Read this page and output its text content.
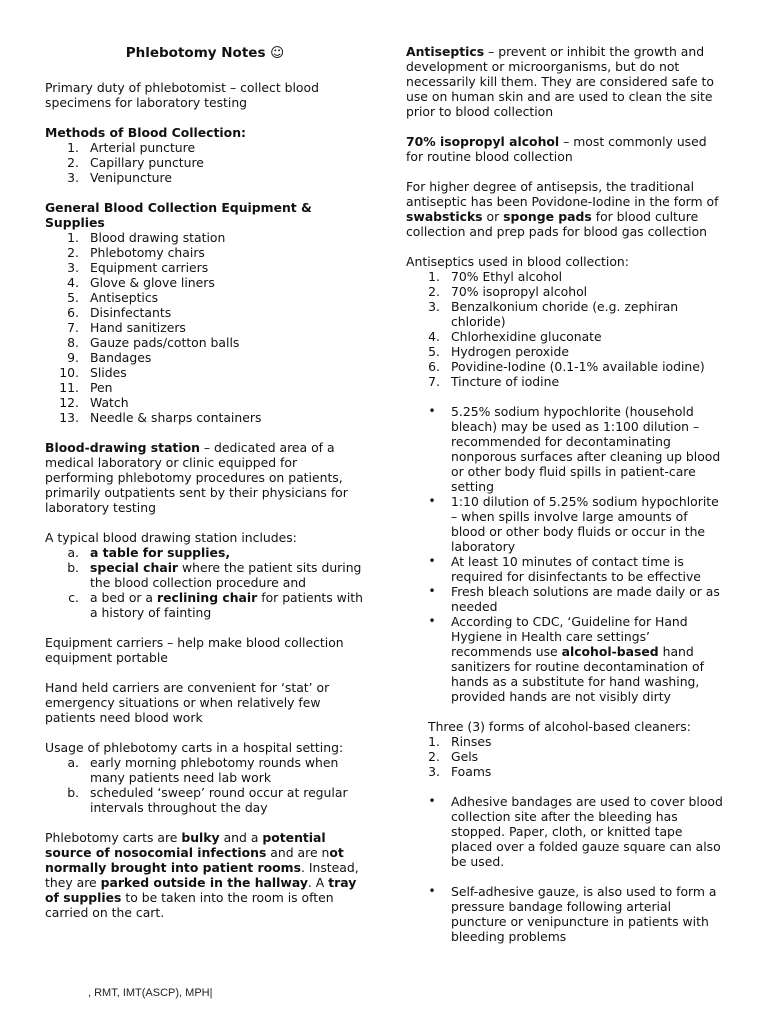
Phlebotomy Notes ☺

Primary duty of phlebotomist – collect blood specimens for laboratory testing

Methods of Blood Collection:

1. Arterial puncture
2. Capillary puncture
3. Venipuncture

General Blood Collection Equipment & Supplies

1. Blood drawing station
2. Phlebotomy chairs
3. Equipment carriers
4. Glove & glove liners
5. Antiseptics
6. Disinfectants
7. Hand sanitizers
8. Gauze pads/cotton balls
9. Bandages
10. Slides
11. Pen
12. Watch
13. Needle & sharps containers

Blood-drawing station – dedicated area of a medical laboratory or clinic equipped for performing phlebotomy procedures on patients, primarily outpatients sent by their physicians for laboratory testing

A typical blood drawing station includes:

a. a table for supplies,
b. special chair where the patient sits during the blood collection procedure and
c. a bed or a reclining chair for patients with a history of fainting

Equipment carriers – help make blood collection equipment portable

Hand held carriers are convenient for ‘stat’ or emergency situations or when relatively few patients need blood work

Usage of phlebotomy carts in a hospital setting:

a. early morning phlebotomy rounds when many patients need lab work
b. scheduled ‘sweep’ round occur at regular intervals throughout the day

Phlebotomy carts are bulky and a potential source of nosocomial infections and are not normally brought into patient rooms. Instead, they are parked outside in the hallway. A tray of supplies to be taken into the room is often carried on the cart.

Antiseptics – prevent or inhibit the growth and development or microorganisms, but do not necessarily kill them. They are considered safe to use on human skin and are used to clean the site prior to blood collection

70% isopropyl alcohol – most commonly used for routine blood collection

For higher degree of antisepsis, the traditional antiseptic has been Povidone-Iodine in the form of swabsticks or sponge pads for blood culture collection and prep pads for blood gas collection

Antiseptics used in blood collection:

1. 70% Ethyl alcohol
2. 70% isopropyl alcohol
3. Benzalkonium choride (e.g. zephiran chloride)
4. Chlorhexidine gluconate
5. Hydrogen peroxide
6. Povidine-Iodine (0.1-1% available iodine)
7. Tincture of iodine
• 5.25% sodium hypochlorite (household bleach) may be used as 1:100 dilution – recommended for decontaminating nonporous surfaces after cleaning up blood or other body fluid spills in patient-care setting
• 1:10 dilution of 5.25% sodium hypochlorite – when spills involve large amounts of blood or other body fluids or occur in the laboratory
• At least 10 minutes of contact time is required for disinfectants to be effective
• Fresh bleach solutions are made daily or as needed
• According to CDC, ‘Guideline for Hand Hygiene in Health care settings’ recommends use alcohol-based hand sanitizers for routine decontamination of hands as a substitute for hand washing, provided hands are not visibly dirty

Three (3) forms of alcohol-based cleaners:

1. Rinses
2. Gels
3. Foams
• Adhesive bandages are used to cover blood collection site after the bleeding has stopped. Paper, cloth, or knitted tape placed over a folded gauze square can also be used.
• Self-adhesive gauze, is also used to form a pressure bandage following arterial puncture or venipuncture in patients with bleeding problems
, RMT, IMT(ASCP), MPH|
